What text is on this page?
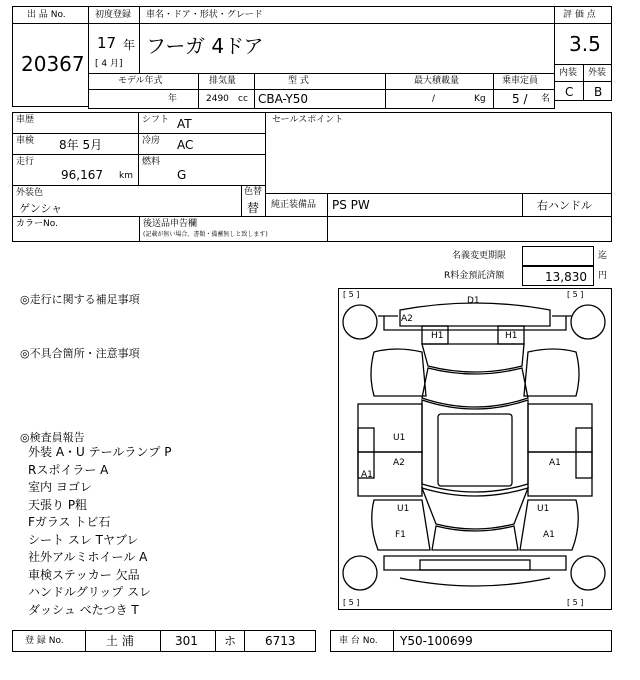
出 品 No.
20367
初度登録 車名・ドア・形状・グレード
17 年
[ 4 月]
フーガ 4ドア
評 価 点
3.5
内装 外装
C B
モデル年式	排気量	型 式	最大積載量	乗車定員
年	2490 cc CBA-Y50	/	Kg 5 / 名
車歴	シフト AT
車検 8年 5月	冷房 AC
走行
96,167 km
燃料
G
セールスポイント
外装色
ゲンシャ
色替
替 純正装備品 PS PW	右ハンドル
カラーNo.	後送品申告欄
(記載が無い場合、書類・備蓄無しと致します)
名義変更期限	迄
R料金預託済額	13,830 円
◎走行に関する補足事項
◎不具合箇所・注意事項
◎検査員報告
外装 A・U テールランプ P
Rスポイラー A
室内 ヨゴレ
天張り P粗
Fガラス トビ石
シート スレ Tヤブレ
社外アルミホイール A
車検ステッカー 欠品
ハンドルグリップ スレ
ダッシュ べたつき T
[ 5 ]	[ 5 ]
[ 5 ]	[ 5 ]
D1
A2
H1	H1
U1
A2
A1
A1
U1	U1
F1	A1
登 録 No.	土 浦	301 ホ 6713	車 台 No. Y50-100699
